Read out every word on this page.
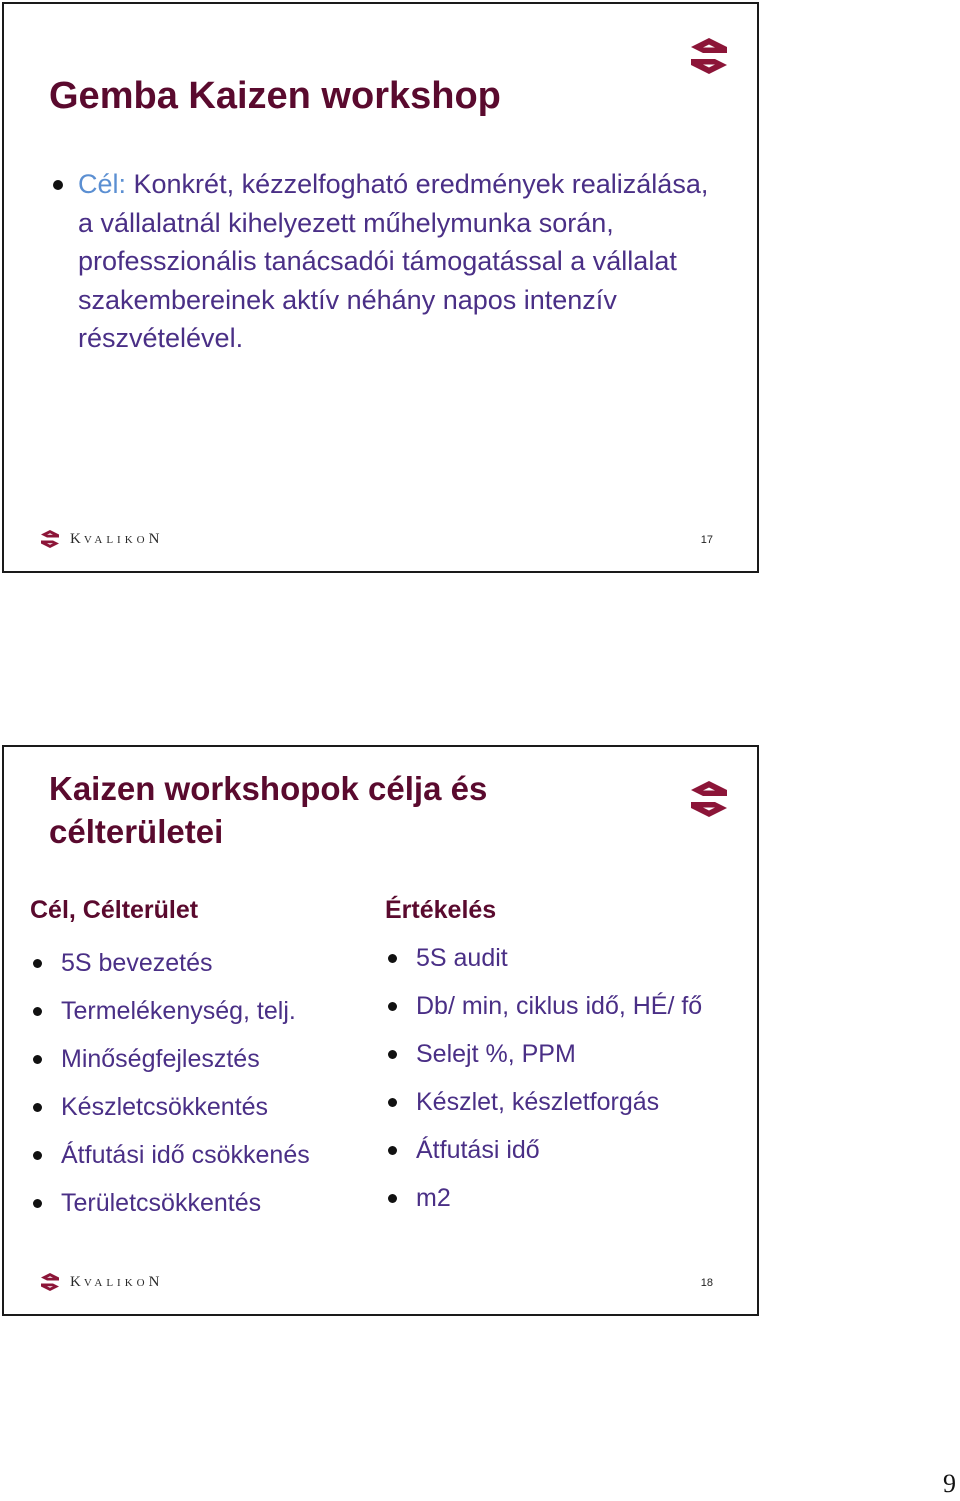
Gemba Kaizen workshop
Cél: Konkrét, kézzelfogható eredmények realizálása, a vállalatnál kihelyezett műhelymunka során, professzionális tanácsadói támogatással a vállalat szakembereinek aktív néhány napos intenzív részvételével.
KVALIKON	17
Kaizen workshopok célja és célterületei
Cél, Célterület
5S bevezetés
Termelékenység, telj.
Minőségfejlesztés
Készletcsökkentés
Átfutási idő csökkenés
Területcsökkentés
Értékelés
5S audit
Db/ min, ciklus idő, HÉ/ fő
Selejt %, PPM
Készlet, készletforgás
Átfutási idő
m2
KVALIKON	18
9
